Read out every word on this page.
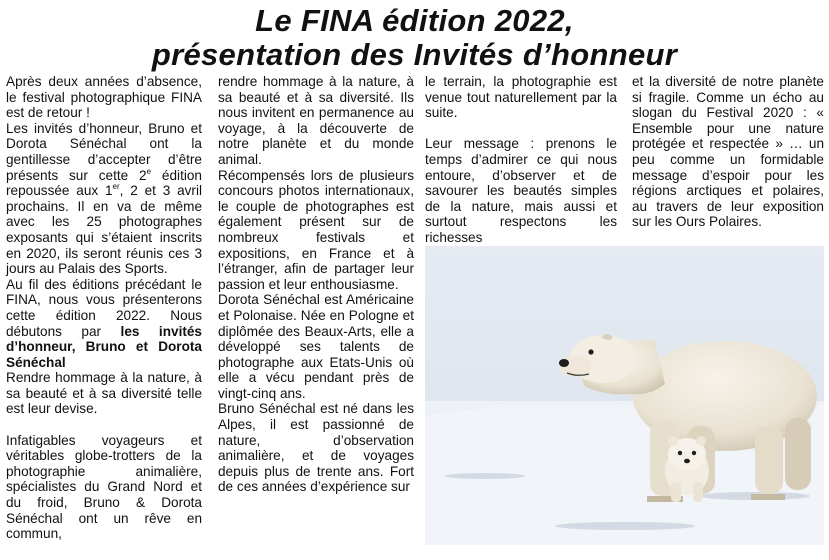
Le FINA édition 2022,
présentation des Invités d’honneur

Après deux années d’absence, le festival photographique FINA est de retour !

Les invités d’honneur, Bruno et Dorota Sénéchal ont la gentillesse d’accepter d’être présents sur cette 2e édition repoussée aux 1er, 2 et 3 avril prochains. Il en va de même avec les 25 photographes exposants qui s’étaient inscrits en 2020, ils seront réunis ces 3 jours au Palais des Sports.

Au fil des éditions précédant le FINA, nous vous présenterons cette édition 2022. Nous débutons par les invités d’honneur, Bruno et Dorota Sénéchal

Rendre hommage à la nature, à sa beauté et à sa diversité telle est leur devise.

Infatigables voyageurs et véritables globe-trotters de la photographie animalière, spécialistes du Grand Nord et du froid, Bruno & Dorota Sénéchal ont un rêve en commun,

rendre hommage à la nature, à sa beauté et à sa diversité. Ils nous invitent en permanence au voyage, à la découverte de notre planète et du monde animal.

Récompensés lors de plusieurs concours photos internationaux, le couple de photographes est également présent sur de nombreux festivals et expositions, en France et à l’étranger, afin de partager leur passion et leur enthousiasme.

Dorota Sénéchal est Américaine et Polonaise. Née en Pologne et diplômée des Beaux-Arts, elle a développé ses talents de photographe aux Etats-Unis où elle a vécu pendant près de vingt-cinq ans.

Bruno Sénéchal est né dans les Alpes, il est passionné de nature, d’observation animalière, et de voyages depuis plus de trente ans. Fort de ces années d’expérience sur

le terrain, la photographie est venue tout naturellement par la suite.

Leur message : prenons le temps d’admirer ce qui nous entoure, d’observer et de savourer les beautés simples de la nature, mais aussi et surtout respectons les richesses

et la diversité de notre planète si fragile. Comme un écho au slogan du Festival 2020 : « Ensemble pour une nature protégée et respectée » … un peu comme un formidable message d’espoir pour les régions arctiques et polaires, au travers de leur exposition sur les Ours Polaires.
